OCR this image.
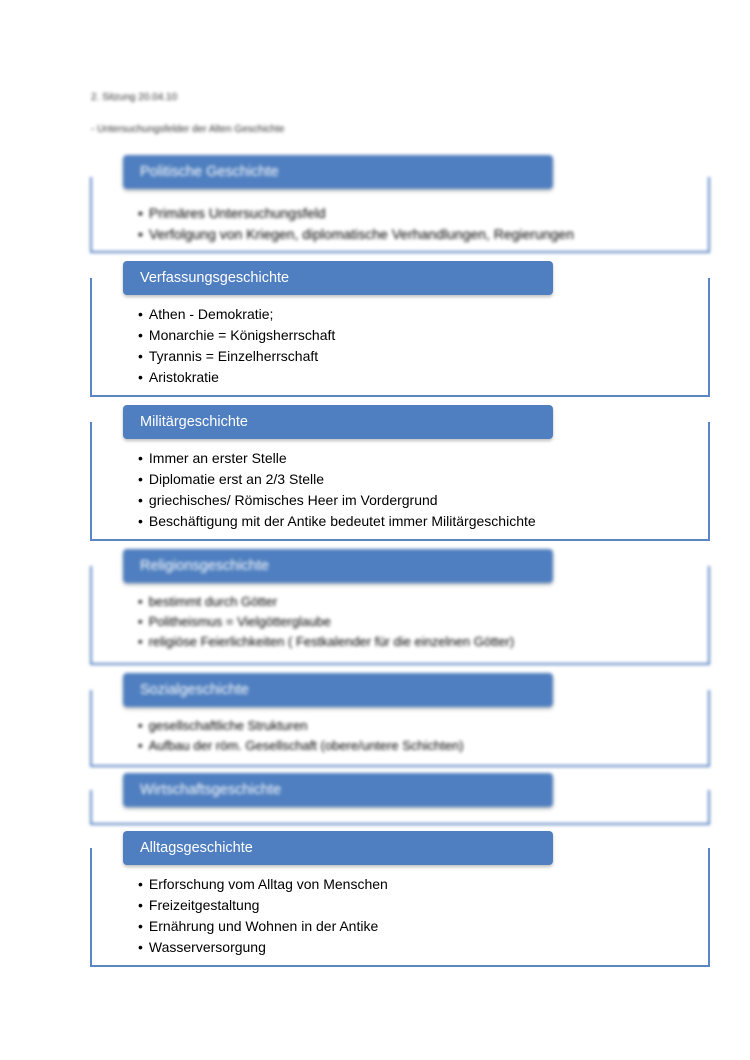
2. Sitzung 20.04.10
- Untersuchungsfelder der Alten Geschichte
Politische Geschichte
• Primäres Untersuchungsfeld
• Verfolgung von Kriegen, diplomatische Verhandlungen, Regierungen
Verfassungsgeschichte
• Athen - Demokratie;
• Monarchie = Königsherrschaft
• Tyrannis = Einzelherrschaft
• Aristokratie
Militärgeschichte
• Immer an erster Stelle
• Diplomatie erst an 2/3 Stelle
• griechisches/ Römisches Heer im Vordergrund
• Beschäftigung mit der Antike bedeutet immer Militärgeschichte
Religionsgeschichte
• bestimmt durch Götter
• Politheismus = Vielgötterglaube
• religiöse Feierlichkeiten ( Festkalender für die einzelnen Götter)
Sozialgeschichte
• gesellschaftliche Strukturen
• Aufbau der röm. Gesellschaft (obere/untere Schichten)
Wirtschaftsgeschichte
Alltagsgeschichte
• Erforschung vom Alltag von Menschen
• Freizeitgestaltung
• Ernährung und Wohnen in der Antike
• Wasserversorgung
